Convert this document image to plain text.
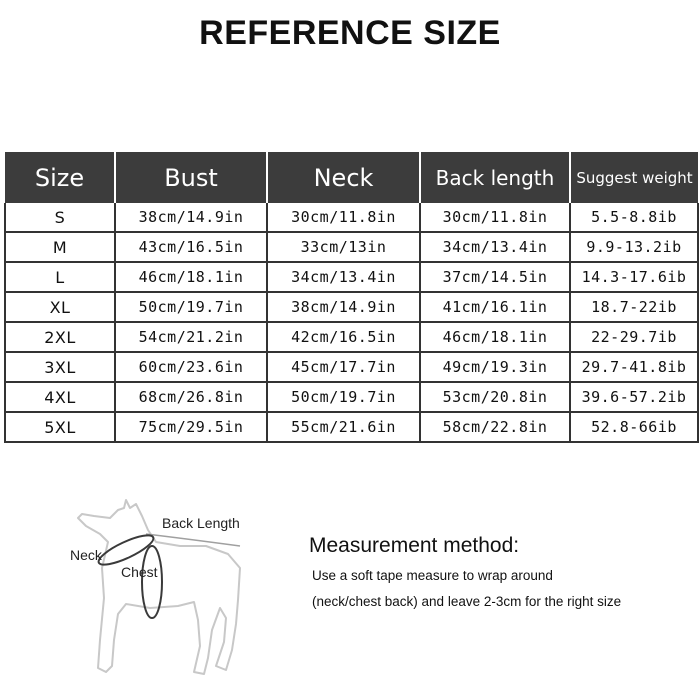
REFERENCE SIZE
Size	Bust	Neck	Back length	Suggest weight
S	38cm/14.9in	30cm/11.8in	30cm/11.8in	5.5-8.8ib
M	43cm/16.5in	33cm/13in	34cm/13.4in	9.9-13.2ib
L	46cm/18.1in	34cm/13.4in	37cm/14.5in	14.3-17.6ib
XL	50cm/19.7in	38cm/14.9in	41cm/16.1in	18.7-22ib
2XL	54cm/21.2in	42cm/16.5in	46cm/18.1in	22-29.7ib
3XL	60cm/23.6in	45cm/17.7in	49cm/19.3in	29.7-41.8ib
4XL	68cm/26.8in	50cm/19.7in	53cm/20.8in	39.6-57.2ib
5XL	75cm/29.5in	55cm/21.6in	58cm/22.8in	52.8-66ib
Back Length
Neck
Chest
Measurement method:
Use a soft tape measure to wrap around
(neck/chest back) and leave 2-3cm for the right size
